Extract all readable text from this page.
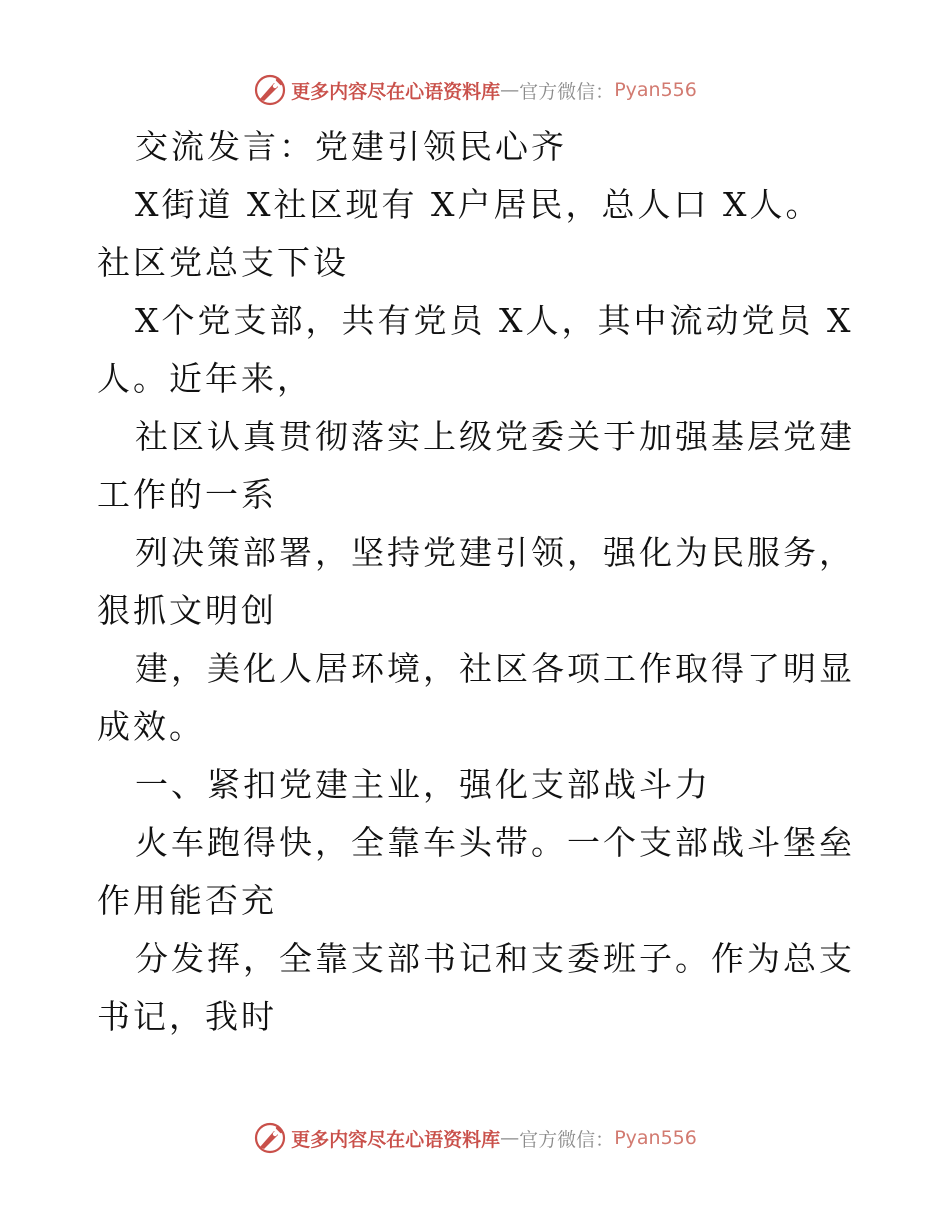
更多内容尽在心语资料库 — 官方微信： Pyan556

交流发言：党建引领民心齐

X街道 X社区现有 X户居民，总人口 X人。社区党总支下设

X个党支部，共有党员 X人，其中流动党员 X人。近年来，

社区认真贯彻落实上级党委关于加强基层党建工作的一系

列决策部署，坚持党建引领，强化为民服务，狠抓文明创

建，美化人居环境，社区各项工作取得了明显成效。

一、紧扣党建主业，强化支部战斗力

火车跑得快，全靠车头带。一个支部战斗堡垒作用能否充

分发挥，全靠支部书记和支委班子。作为总支书记，我时

更多内容尽在心语资料库 — 官方微信： Pyan556
